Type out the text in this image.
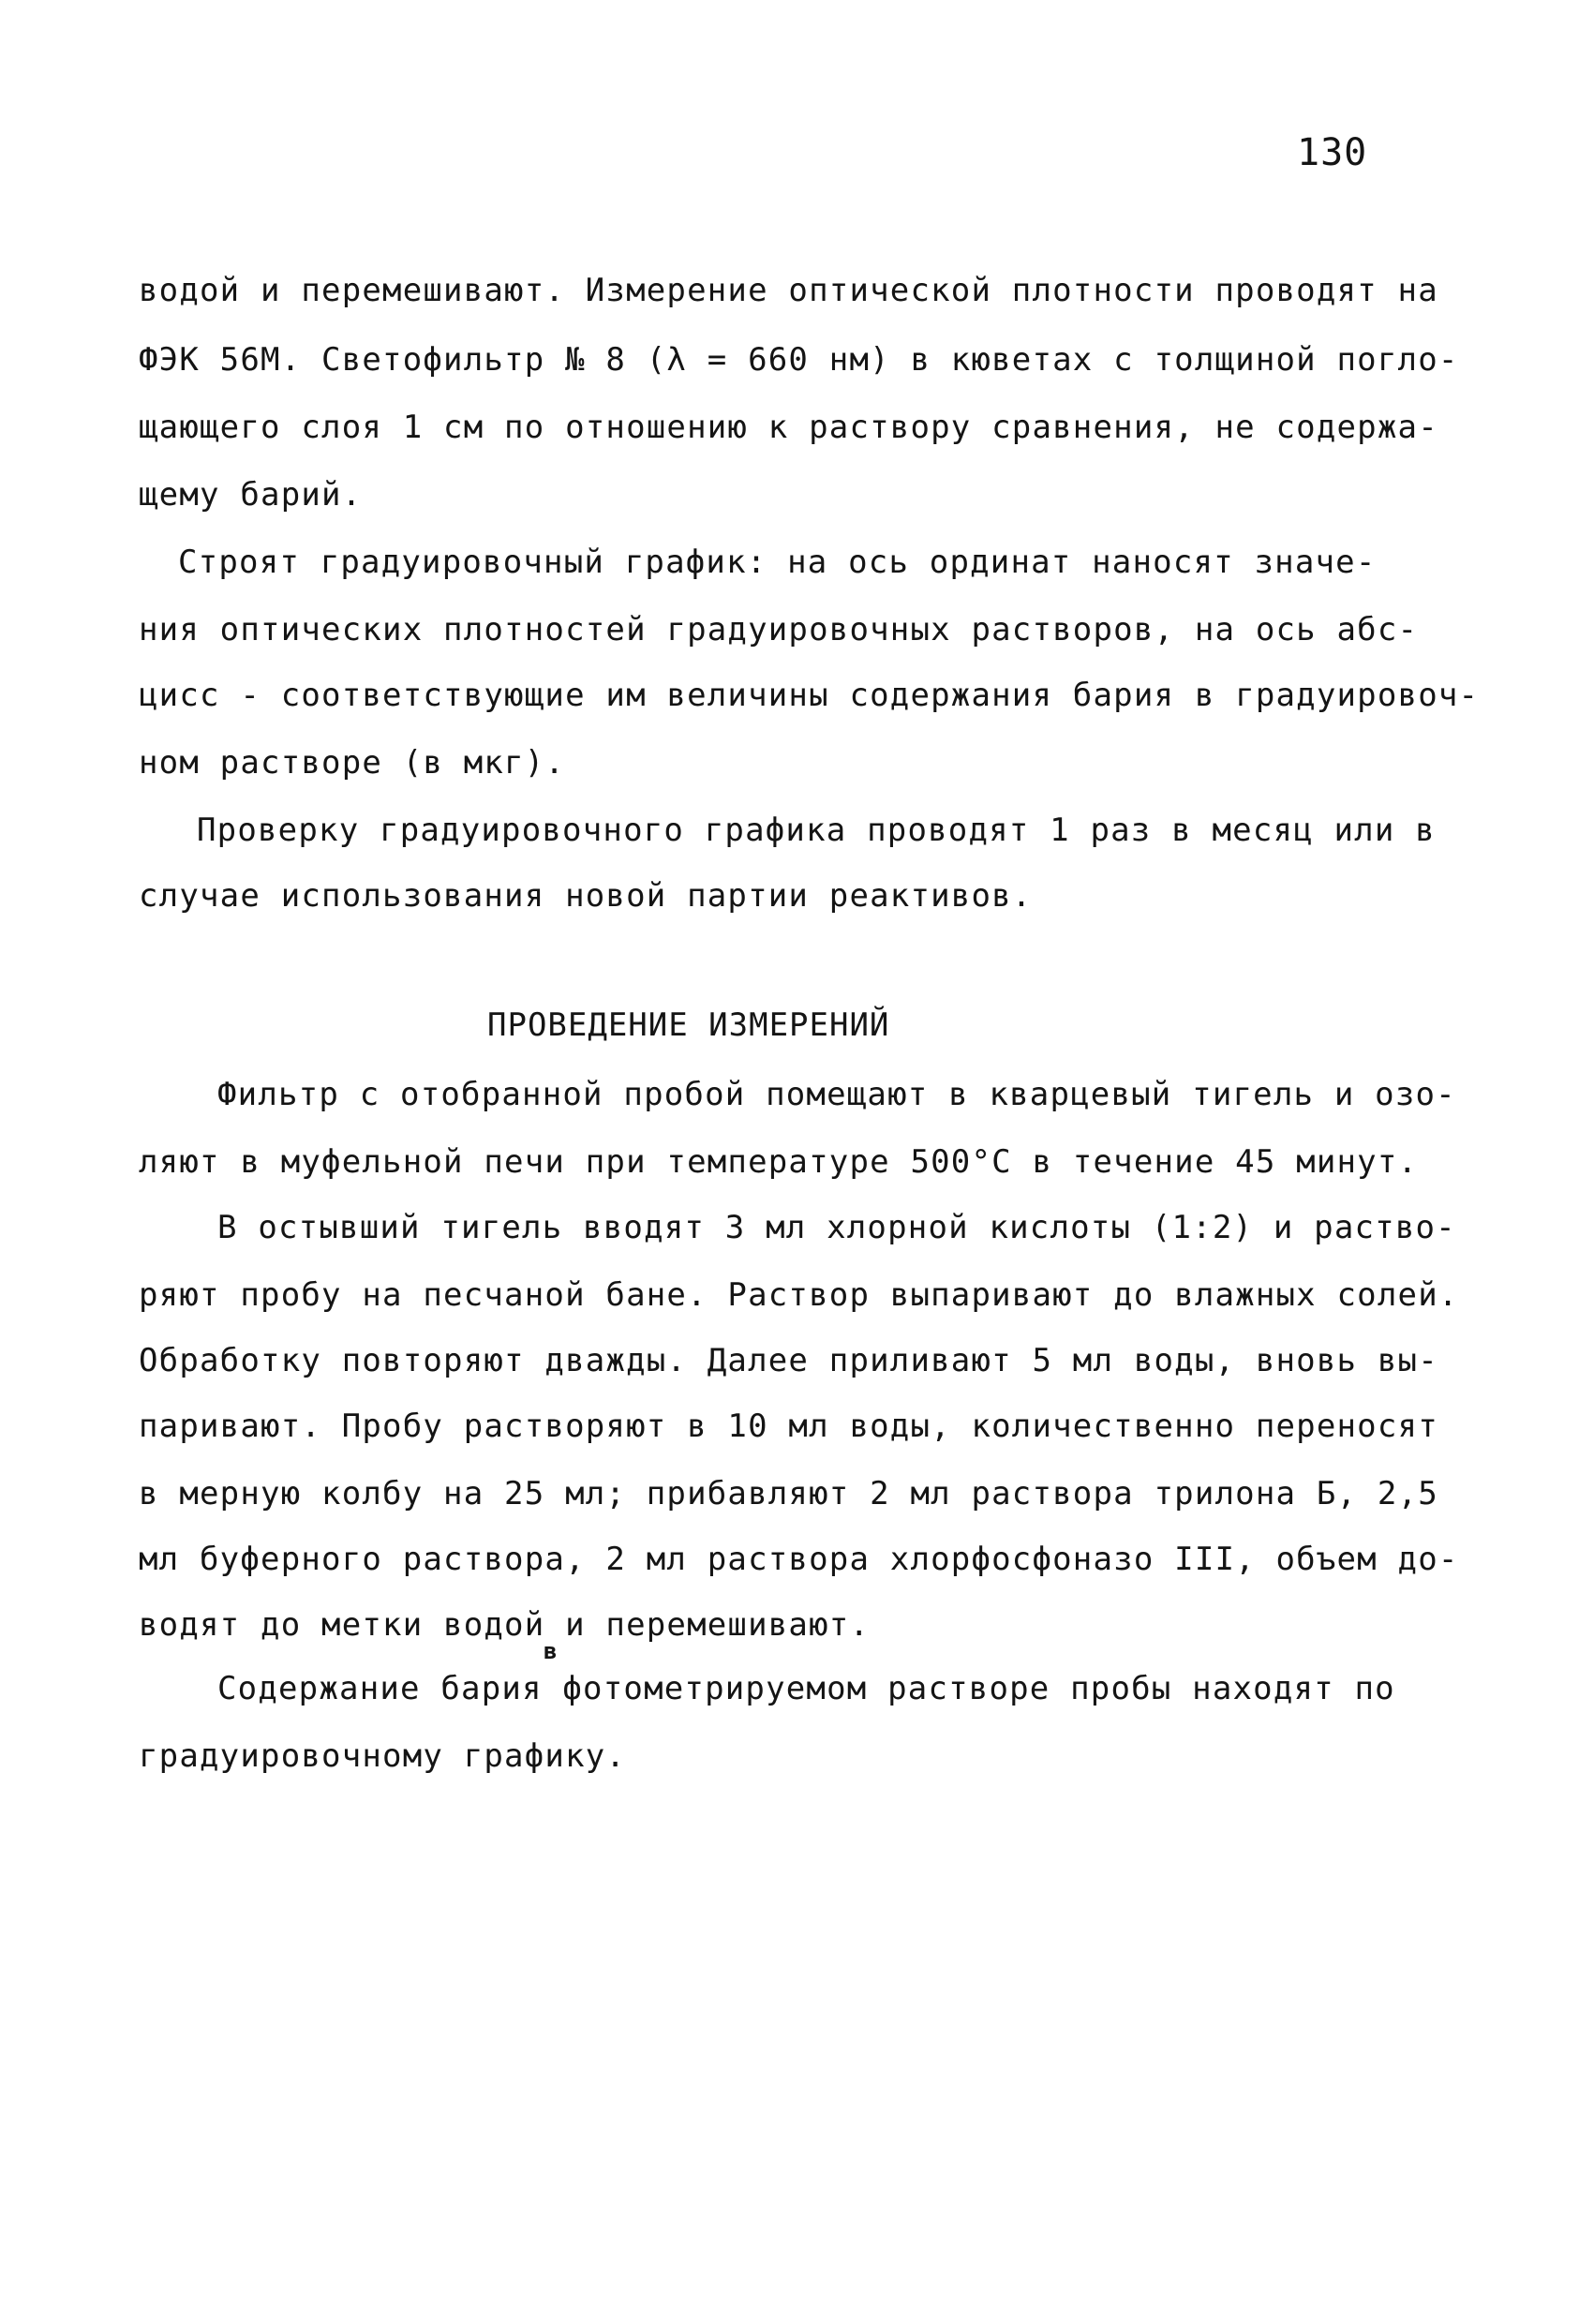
130
водой и перемешивают. Измерение оптической плотности проводят на
ФЭК 56М. Светофильтр № 8 (λ = 660 нм) в кюветах с толщиной погло-
щающего слоя 1 см по отношению к раствору сравнения, не содержа-
щему барий.
Строят градуировочный график: на ось ординат наносят значе-
ния оптических плотностей градуировочных растворов, на ось абс-
цисс - соответствующие им величины содержания бария в градуировоч-
ном растворе (в мкг).
Проверку градуировочного графика проводят 1 раз в месяц или в
случае использования новой партии реактивов.
ПРОВЕДЕНИЕ ИЗМЕРЕНИЙ
Фильтр с отобранной пробой помещают в кварцевый тигель и озо-
ляют в муфельной печи при температуре 500°C в течение 45 минут.
В остывший тигель вводят 3 мл хлорной кислоты (1:2) и раство-
ряют пробу на песчаной бане. Раствор выпаривают до влажных солей.
Обработку повторяют дважды. Далее приливают 5 мл воды, вновь вы-
паривают. Пробу растворяют в 10 мл воды, количественно переносят
в мерную колбу на 25 мл; прибавляют 2 мл раствора трилона Б, 2,5
мл буферного раствора, 2 мл раствора хлорфосфоназо III, объем до-
водят до метки водой и перемешивают.
в
Содержание бария фотометрируемом растворе пробы находят по
градуировочному графику.
